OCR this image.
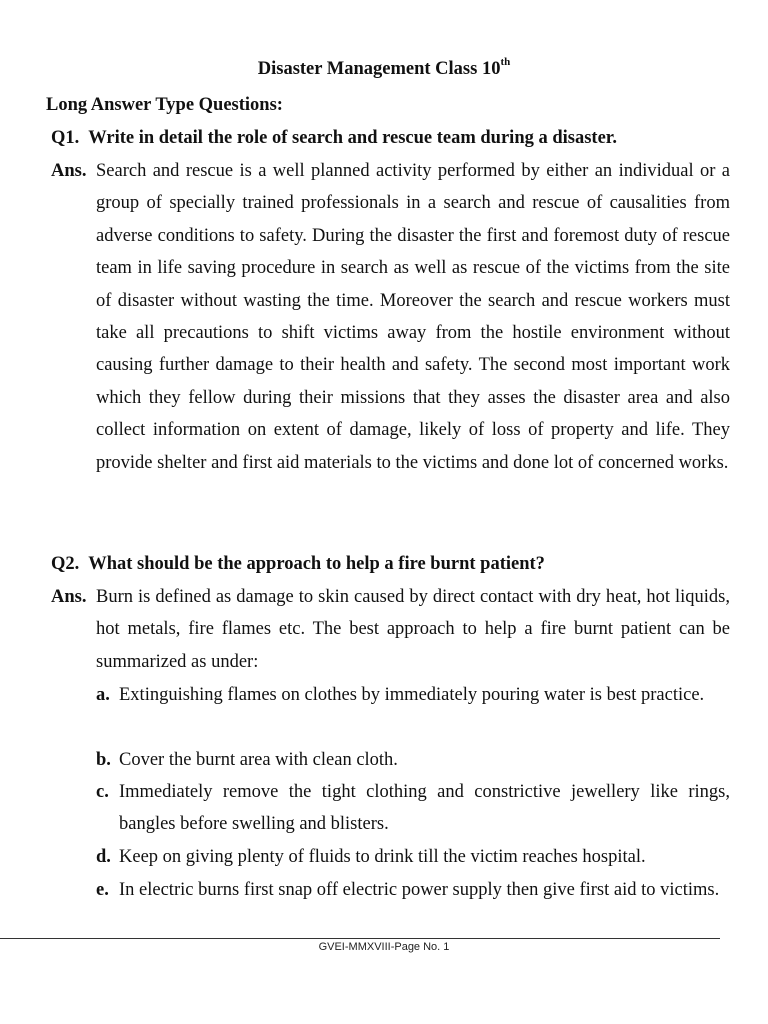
Disaster Management Class 10th
Long Answer Type Questions:
Q1. Write in detail the role of search and rescue team during a disaster.
Ans. Search and rescue is a well planned activity performed by either an individual or a group of specially trained professionals in a search and rescue of causalities from adverse conditions to safety. During the disaster the first and foremost duty of rescue team in life saving procedure in search as well as rescue of the victims from the site of disaster without wasting the time. Moreover the search and rescue workers must take all precautions to shift victims away from the hostile environment without causing further damage to their health and safety. The second most important work which they fellow during their missions that they asses the disaster area and also collect information on extent of damage, likely of loss of property and life. They provide shelter and first aid materials to the victims and done lot of concerned works.
Q2. What should be the approach to help a fire burnt patient?
Ans. Burn is defined as damage to skin caused by direct contact with dry heat, hot liquids, hot metals, fire flames etc. The best approach to help a fire burnt patient can be summarized as under:
a. Extinguishing flames on clothes by immediately pouring water is best practice.
b. Cover the burnt area with clean cloth.
c. Immediately remove the tight clothing and constrictive jewellery like rings, bangles before swelling and blisters.
d. Keep on giving plenty of fluids to drink till the victim reaches hospital.
e. In electric burns first snap off electric power supply then give first aid to victims.
GVEI-MMXVIII-Page No. 1
